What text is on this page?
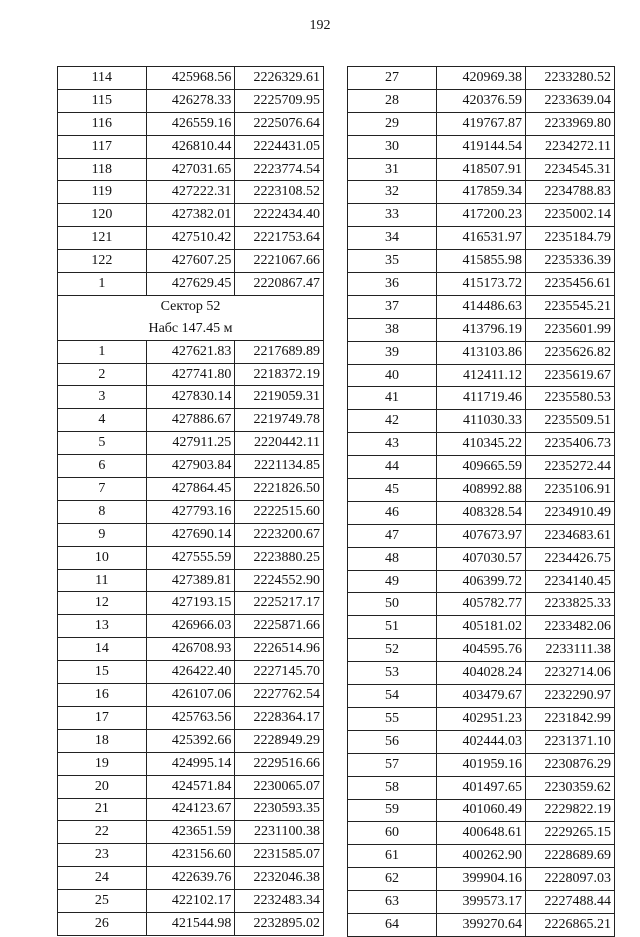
192
114	425968.56	2226329.61
115	426278.33	2225709.95
116	426559.16	2225076.64
117	426810.44	2224431.05
118	427031.65	2223774.54
119	427222.31	2223108.52
120	427382.01	2222434.40
121	427510.42	2221753.64
122	427607.25	2221067.66
1	427629.45	2220867.47
Сектор 52		
Набс 147.45 м		
1	427621.83	2217689.89
2	427741.80	2218372.19
3	427830.14	2219059.31
4	427886.67	2219749.78
5	427911.25	2220442.11
6	427903.84	2221134.85
7	427864.45	2221826.50
8	427793.16	2222515.60
9	427690.14	2223200.67
10	427555.59	2223880.25
11	427389.81	2224552.90
12	427193.15	2225217.17
13	426966.03	2225871.66
14	426708.93	2226514.96
15	426422.40	2227145.70
16	426107.06	2227762.54
17	425763.56	2228364.17
18	425392.66	2228949.29
19	424995.14	2229516.66
20	424571.84	2230065.07
21	424123.67	2230593.35
22	423651.59	2231100.38
23	423156.60	2231585.07
24	422639.76	2232046.38
25	422102.17	2232483.34
26	421544.98	2232895.02
27	420969.38	2233280.52
28	420376.59	2233639.04
29	419767.87	2233969.80
30	419144.54	2234272.11
31	418507.91	2234545.31
32	417859.34	2234788.83
33	417200.23	2235002.14
34	416531.97	2235184.79
35	415855.98	2235336.39
36	415173.72	2235456.61
37	414486.63	2235545.21
38	413796.19	2235601.99
39	413103.86	2235626.82
40	412411.12	2235619.67
41	411719.46	2235580.53
42	411030.33	2235509.51
43	410345.22	2235406.73
44	409665.59	2235272.44
45	408992.88	2235106.91
46	408328.54	2234910.49
47	407673.97	2234683.61
48	407030.57	2234426.75
49	406399.72	2234140.45
50	405782.77	2233825.33
51	405181.02	2233482.06
52	404595.76	2233111.38
53	404028.24	2232714.06
54	403479.67	2232290.97
55	402951.23	2231842.99
56	402444.03	2231371.10
57	401959.16	2230876.29
58	401497.65	2230359.62
59	401060.49	2229822.19
60	400648.61	2229265.15
61	400262.90	2228689.69
62	399904.16	2228097.03
63	399573.17	2227488.44
64	399270.64	2226865.21
